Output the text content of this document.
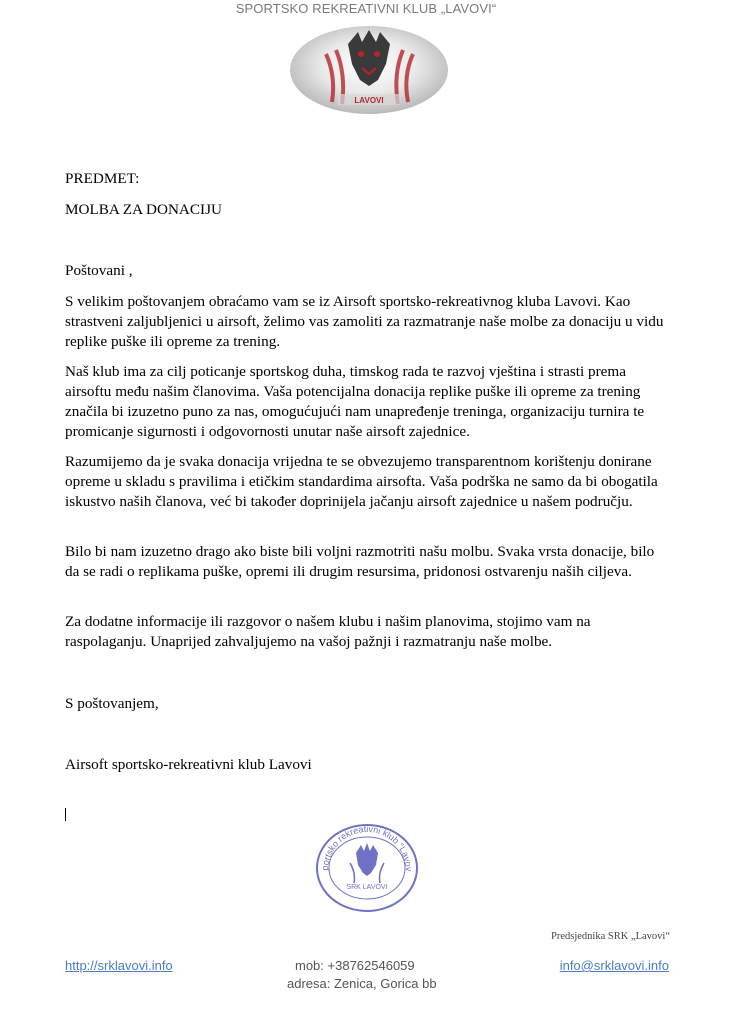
SPORTSKO REKREATIVNI KLUB „LAVOVI“
LAVOVI
PREDMET:
MOLBA ZA DONACIJU
Poštovani ,
S velikim poštovanjem obraćamo vam se iz Airsoft sportsko-rekreativnog kluba Lavovi. Kao strastveni zaljubljenici u airsoft, želimo vas zamoliti za razmatranje naše molbe za donaciju u vidu replike puške ili opreme za trening.
Naš klub ima za cilj poticanje sportskog duha, timskog rada te razvoj vještina i strasti prema airsoftu među našim članovima. Vaša potencijalna donacija replike puške ili opreme za trening značila bi izuzetno puno za nas, omogućujući nam unapređenje treninga, organizaciju turnira te promicanje sigurnosti i odgovornosti unutar naše airsoft zajednice.
Razumijemo da je svaka donacija vrijedna te se obvezujemo transparentnom korištenju donirane opreme u skladu s pravilima i etičkim standardima airsofta. Vaša podrška ne samo da bi obogatila iskustvo naših članova, već bi također doprinijela jačanju airsoft zajednice u našem području.
Bilo bi nam izuzetno drago ako biste bili voljni razmotriti našu molbu. Svaka vrsta donacije, bilo da se radi o replikama puške, opremi ili drugim resursima, pridonosi ostvarenju naših ciljeva.
Za dodatne informacije ili razgovor o našem klubu i našim planovima, stojimo vam na raspolaganju. Unaprijed zahvaljujemo na vašoj pažnji i razmatranju naše molbe.
S poštovanjem,
Airsoft sportsko-rekreativni klub Lavovi
portsko rekreativni klub "Lavov
SRK LAVOVI
Predsjednika SRK „Lavovi“
http://srklavovi.info	mob: +38762546059
adresa: Zenica, Gorica bb
info@srklavovi.info
